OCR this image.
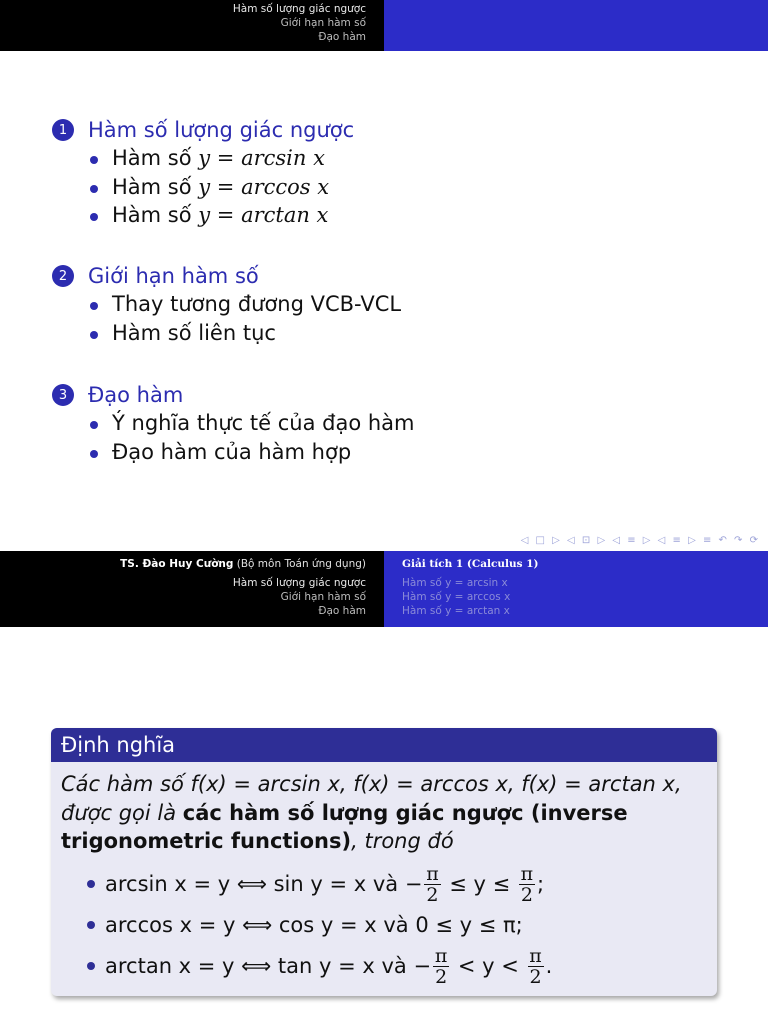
Hàm số lượng giác ngược
Giới hạn hàm số
Đạo hàm
1 Hàm số lượng giác ngược
Hàm số y = arcsin x
Hàm số y = arccos x
Hàm số y = arctan x
2 Giới hạn hàm số
Thay tương đương VCB-VCL
Hàm số liên tục
3 Đạo hàm
Ý nghĩa thực tế của đạo hàm
Đạo hàm của hàm hợp
◁ □ ▷ ◁ ⊡ ▷ ◁ ≡ ▷ ◁ ≡ ▷ ≡ ↶ ↷ ⟳
TS. Đào Huy Cường (Bộ môn Toán ứng dụng)
Hàm số lượng giác ngược
Giới hạn hàm số
Đạo hàm
Giải tích 1 (Calculus 1)
Hàm số y = arcsin x
Hàm số y = arccos x
Hàm số y = arctan x
Định nghĩa
Các hàm số f(x) = arcsin x, f(x) = arccos x, f(x) = arctan x,
được gọi là các hàm số lượng giác ngược (inverse
trigonometric functions), trong đó
arcsin x = y ⟺ sin y = x và − $\frac{\pi}{2} \le y \le \frac{\pi}{2}$ ;
arccos x = y ⟺ cos y = x và 0 ≤ y ≤ π;
arctan x = y ⟺ tan y = x và − $\frac{\pi}{2} < y < \frac{\pi}{2}$ .
